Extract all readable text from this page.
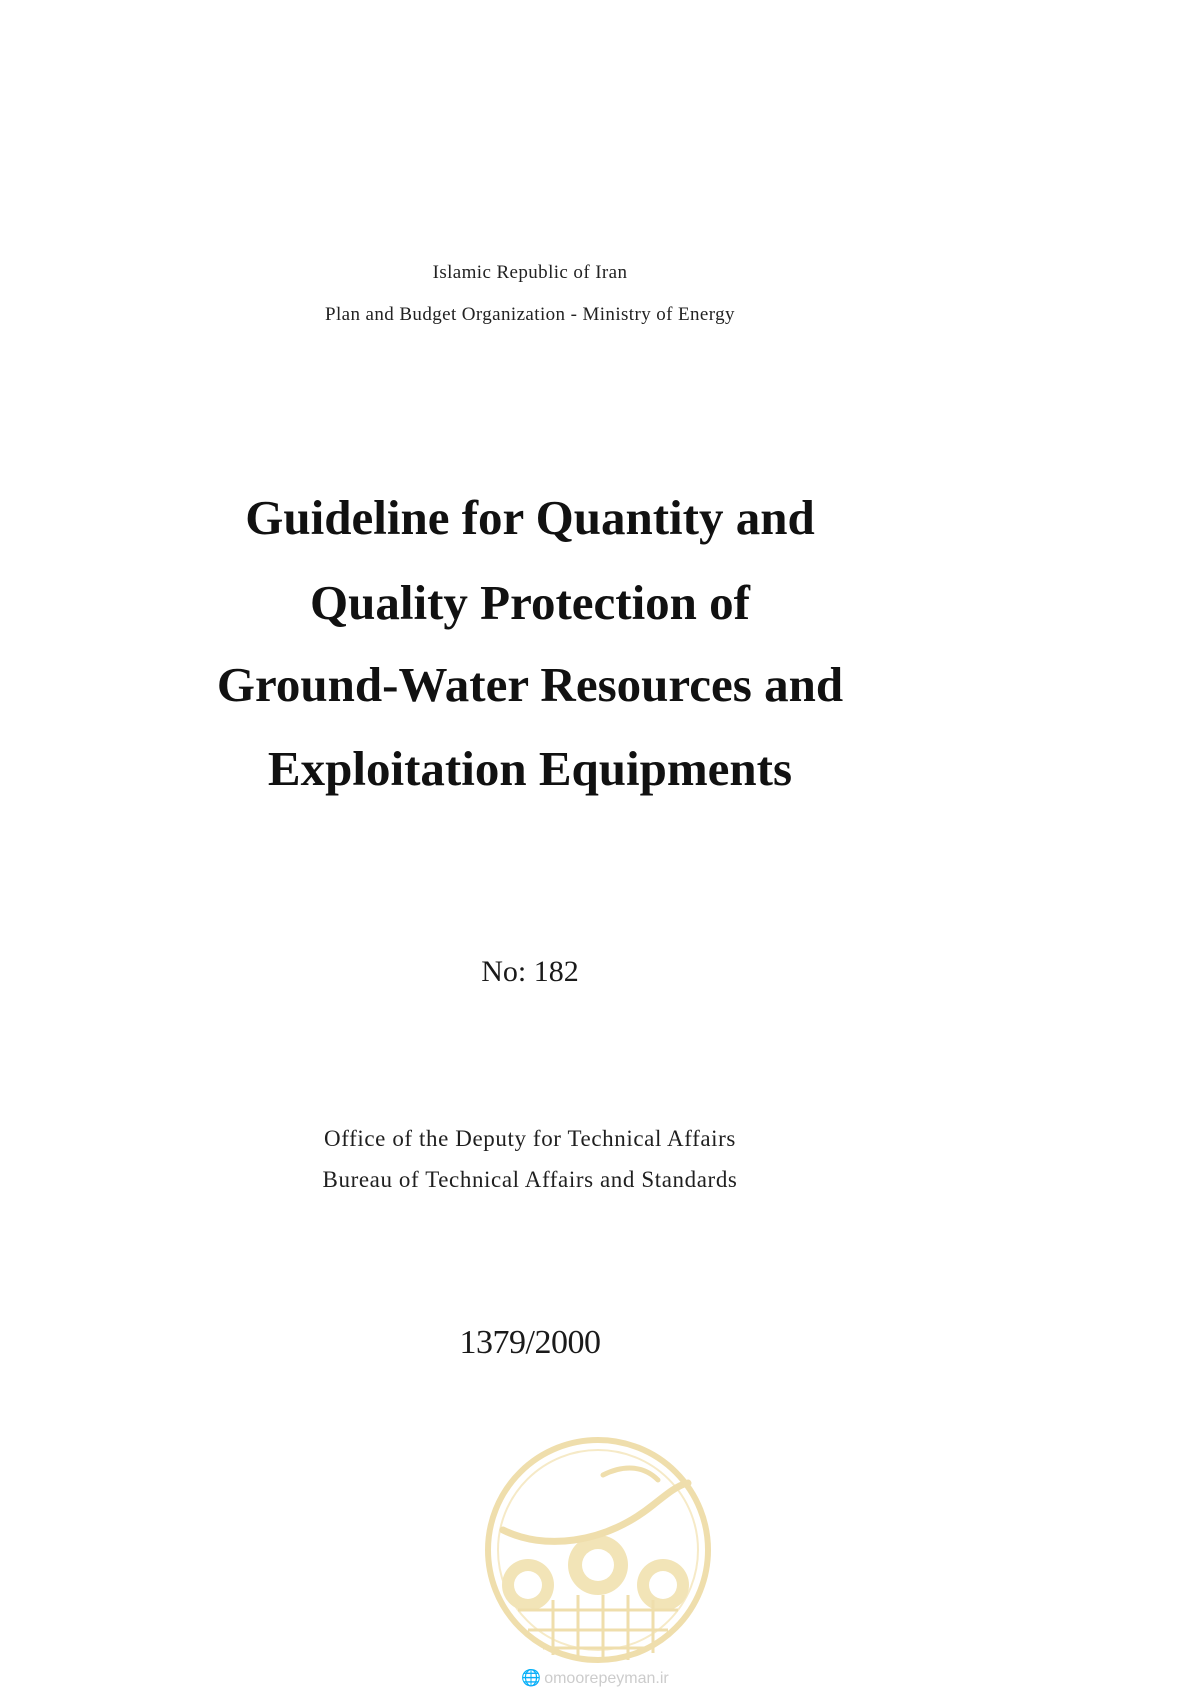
Islamic Republic of Iran
Plan and Budget Organization - Ministry of Energy
Guideline for Quantity and
Quality Protection of
Ground-Water Resources and
Exploitation Equipments
No: 182
Office of the Deputy for Technical Affairs
Bureau of Technical Affairs and Standards
1379/2000
🌐 omoorepeyman.ir
